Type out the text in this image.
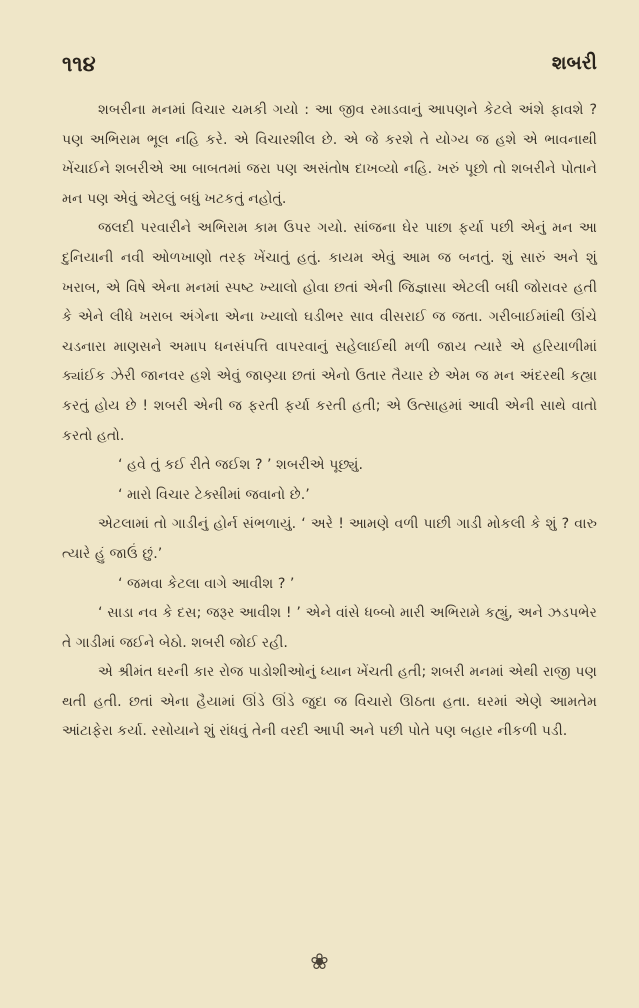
૧૧૪	શબરી

શબરીના મનમાં વિચાર ચમકી ગયો : આ જીવ રમાડવાનું આપણને કેટલે અંશે ફાવશે ? પણ અભિરામ ભૂલ નહિ કરે. એ વિચારશીલ છે. એ જે કરશે તે યોગ્ય જ હશે એ ભાવનાથી ખેંચાઈને શબરીએ આ બાબતમાં જરા પણ અસંતોષ દાખવ્યો નહિ. ખરું પૂછો તો શબરીને પોતાને મન પણ એવું એટલું બધું ખટકતું નહોતું.

જલદી પરવારીને અભિરામ કામ ઉપર ગયો. સાંજના ઘેર પાછા ફર્યા પછી એનું મન આ દુનિયાની નવી ઓળખાણો તરફ ખેંચાતું હતું. કાયમ એવું આમ જ બનતું. શું સારું અને શું ખરાબ, એ વિષે એના મનમાં સ્પષ્ટ ખ્યાલો હોવા છતાં એની જિજ્ઞાસા એટલી બધી જોરાવર હતી કે એને લીધે ખરાબ અંગેના એના ખ્યાલો ઘડીભર સાવ વીસરાઈ જ જતા. ગરીબાઈમાંથી ઊંચે ચડનારા માણસને અમાપ ધનસંપત્તિ વાપરવાનું સહેલાઈથી મળી જાય ત્યારે એ હરિયાળીમાં ક્યાંઈક ઝેરી જાનવર હશે એવું જાણ્યા છતાં એનો ઉતાર તૈયાર છે એમ જ મન અંદરથી કહ્યા કરતું હોય છે ! શબરી એની જ ફરતી ફર્યા કરતી હતી; એ ઉત્સાહમાં આવી એની સાથે વાતો કરતો હતો.

‘ હવે તું કઈ રીતે જઈશ ? ’ શબરીએ પૂછ્યું.

‘ મારો વિચાર ટેક્સીમાં જવાનો છે.’

એટલામાં તો ગાડીનું હોર્ન સંભળાયું. ‘ અરે ! આમણે વળી પાછી ગાડી મોકલી કે શું ? વારુ ત્યારે હું જાઉં છું.’

‘ જમવા કેટલા વાગે આવીશ ? ’

‘ સાડા નવ કે દસ; જરૂર આવીશ ! ’ એને વાંસે ધબ્બો મારી અભિરામે કહ્યું, અને ઝડપભેર તે ગાડીમાં જઈને બેઠો. શબરી જોઈ રહી.

એ શ્રીમંત ઘરની કાર રોજ પાડોશીઓનું ધ્યાન ખેંચતી હતી; શબરી મનમાં એથી રાજી પણ થતી હતી. છતાં એના હૈયામાં ઊંડે ઊંડે જુદા જ વિચારો ઊઠતા હતા. ઘરમાં એણે આમતેમ આંટાફેરા કર્યા. રસોયાને શું રાંધવું તેની વરદી આપી અને પછી પોતે પણ બહાર નીકળી પડી.

❀
